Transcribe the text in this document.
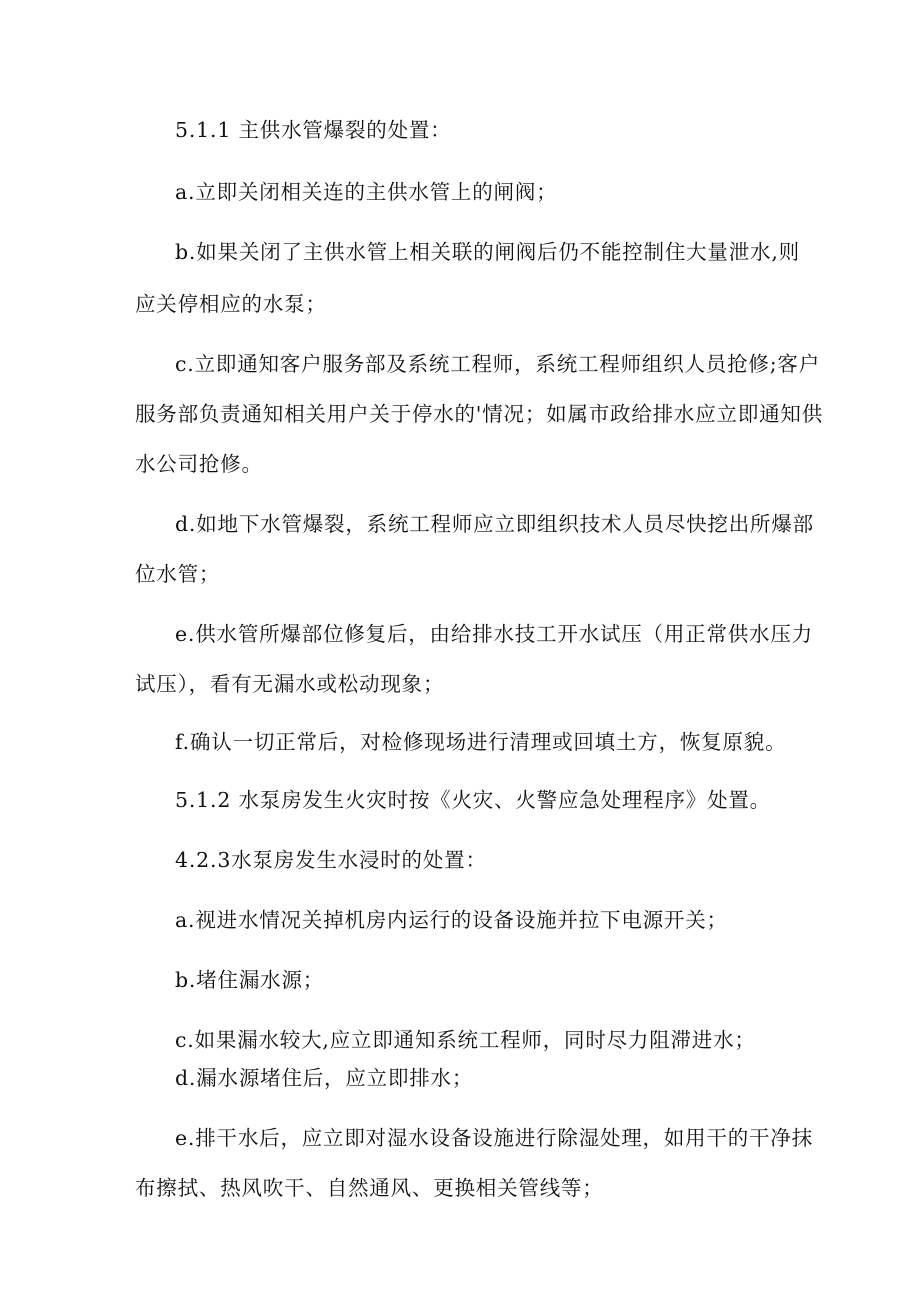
5.1.1 主供水管爆裂的处置：
a.立即关闭相关连的主供水管上的闸阀；
b.如果关闭了主供水管上相关联的闸阀后仍不能控制住大量泄水,则
应关停相应的水泵；
c.立即通知客户服务部及系统工程师，系统工程师组织人员抢修;客户
服务部负责通知相关用户关于停水的'情况；如属市政给排水应立即通知供
水公司抢修。
d.如地下水管爆裂，系统工程师应立即组织技术人员尽快挖出所爆部
位水管；
e.供水管所爆部位修复后，由给排水技工开水试压（用正常供水压力
试压），看有无漏水或松动现象；
f.确认一切正常后，对检修现场进行清理或回填土方，恢复原貌。
5.1.2 水泵房发生火灾时按《火灾、火警应急处理程序》处置。
4.2.3水泵房发生水浸时的处置：
a.视进水情况关掉机房内运行的设备设施并拉下电源开关；
b.堵住漏水源；
c.如果漏水较大,应立即通知系统工程师，同时尽力阻滞进水；
d.漏水源堵住后，应立即排水；
e.排干水后，应立即对湿水设备设施进行除湿处理，如用干的干净抹
布擦拭、热风吹干、自然通风、更换相关管线等；
